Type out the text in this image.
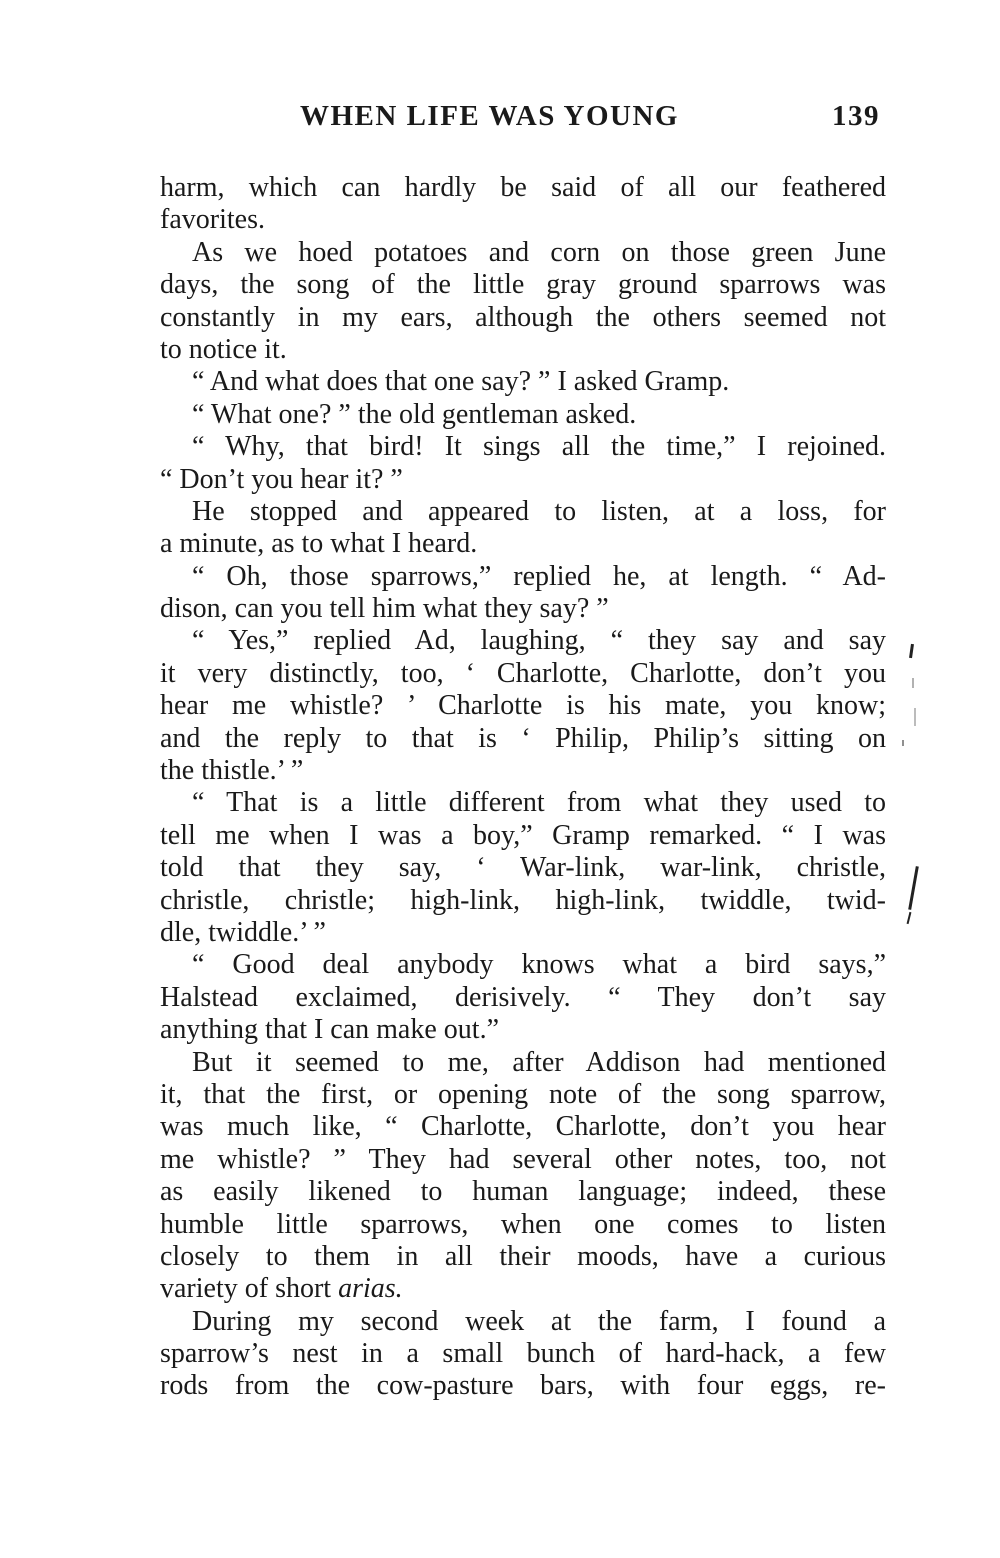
WHEN LIFE WAS YOUNG	139
harm, which can hardly be said of all our feathered
favorites.
As we hoed potatoes and corn on those green June
days, the song of the little gray ground sparrows was
constantly in my ears, although the others seemed not
to notice it.
“ And what does that one say? ” I asked Gramp.
“ What one? ” the old gentleman asked.
“ Why, that bird! It sings all the time,” I rejoined.
“ Don’t you hear it? ”
He stopped and appeared to listen, at a loss, for
a minute, as to what I heard.
“ Oh, those sparrows,” replied he, at length. “ Ad-
dison, can you tell him what they say? ”
“ Yes,” replied Ad, laughing, “ they say and say
it very distinctly, too, ‘ Charlotte, Charlotte, don’t you
hear me whistle? ’ Charlotte is his mate, you know;
and the reply to that is ‘ Philip, Philip’s sitting on
the thistle.’ ”
“ That is a little different from what they used to
tell me when I was a boy,” Gramp remarked. “ I was
told that they say, ‘ War-link, war-link, christle,
christle, christle; high-link, high-link, twiddle, twid-
dle, twiddle.’ ”
“ Good deal anybody knows what a bird says,”
Halstead exclaimed, derisively. “ They don’t say
anything that I can make out.”
But it seemed to me, after Addison had mentioned
it, that the first, or opening note of the song sparrow,
was much like, “ Charlotte, Charlotte, don’t you hear
me whistle? ” They had several other notes, too, not
as easily likened to human language; indeed, these
humble little sparrows, when one comes to listen
closely to them in all their moods, have a curious
variety of short arias.
During my second week at the farm, I found a
sparrow’s nest in a small bunch of hard-hack, a few
rods from the cow-pasture bars, with four eggs, re-
